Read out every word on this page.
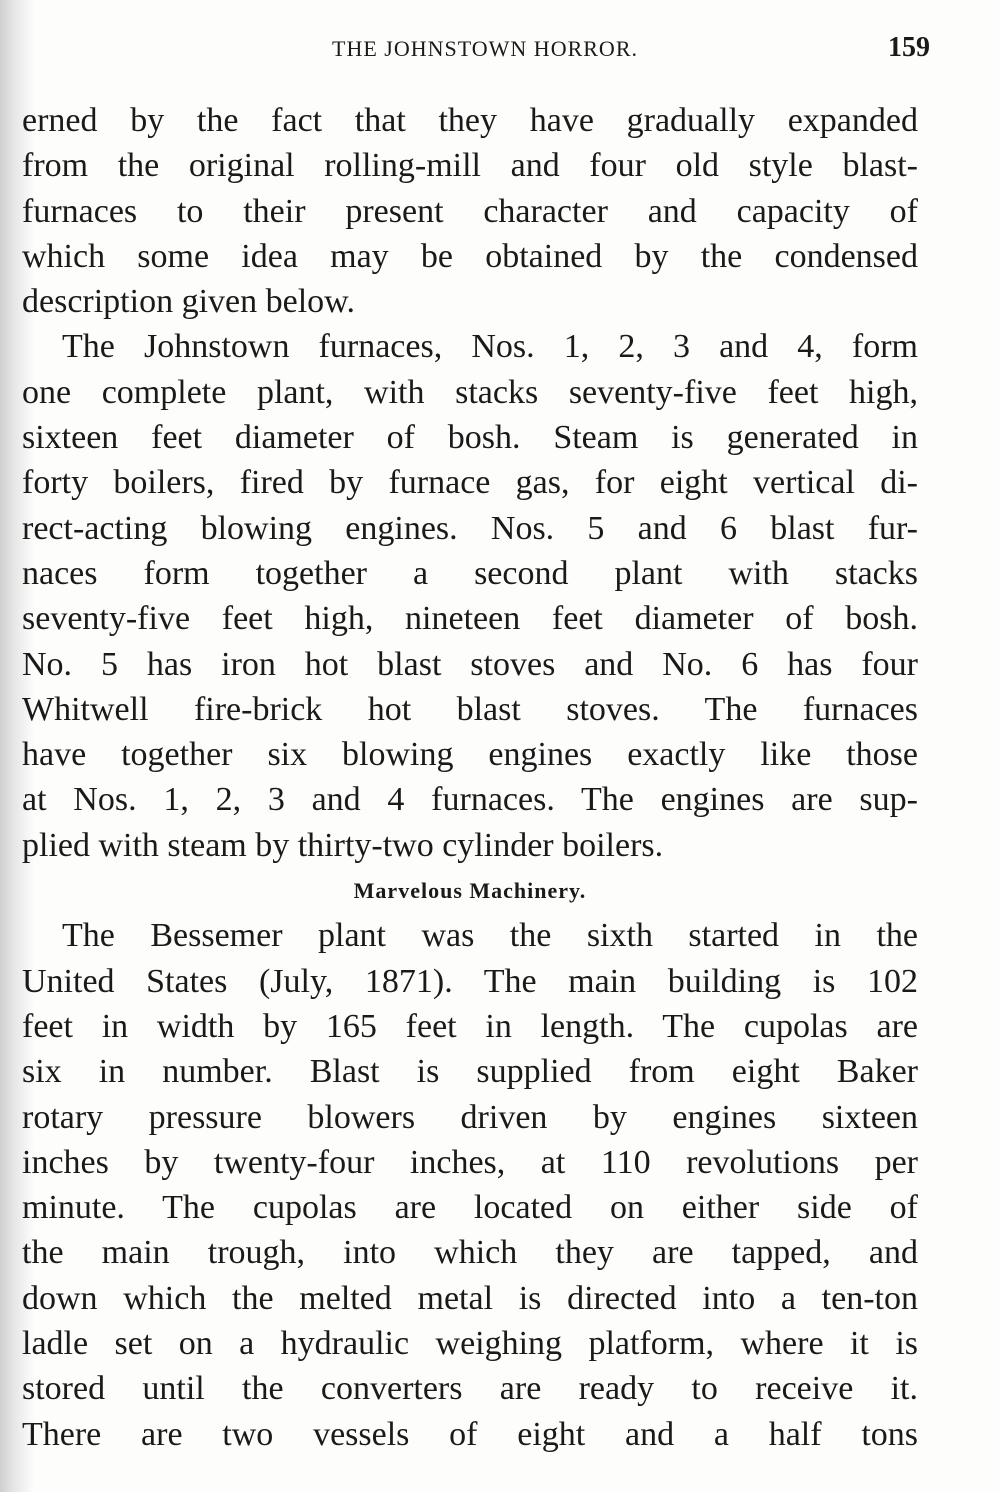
THE JOHNSTOWN HORROR.	159
erned by the fact that they have gradually expanded
from the original rolling-mill and four old style blast-
furnaces to their present character and capacity of
which some idea may be obtained by the condensed
description given below.
The Johnstown furnaces, Nos. 1, 2, 3 and 4, form
one complete plant, with stacks seventy-five feet high,
sixteen feet diameter of bosh. Steam is generated in
forty boilers, fired by furnace gas, for eight vertical di-
rect-acting blowing engines. Nos. 5 and 6 blast fur-
naces form together a second plant with stacks
seventy-five feet high, nineteen feet diameter of bosh.
No. 5 has iron hot blast stoves and No. 6 has four
Whitwell fire-brick hot blast stoves. The furnaces
have together six blowing engines exactly like those
at Nos. 1, 2, 3 and 4 furnaces. The engines are sup-
plied with steam by thirty-two cylinder boilers.
Marvelous Machinery.
The Bessemer plant was the sixth started in the
United States (July, 1871). The main building is 102
feet in width by 165 feet in length. The cupolas are
six in number. Blast is supplied from eight Baker
rotary pressure blowers driven by engines sixteen
inches by twenty-four inches, at 110 revolutions per
minute. The cupolas are located on either side of
the main trough, into which they are tapped, and
down which the melted metal is directed into a ten-ton
ladle set on a hydraulic weighing platform, where it is
stored until the converters are ready to receive it.
There are two vessels of eight and a half tons
